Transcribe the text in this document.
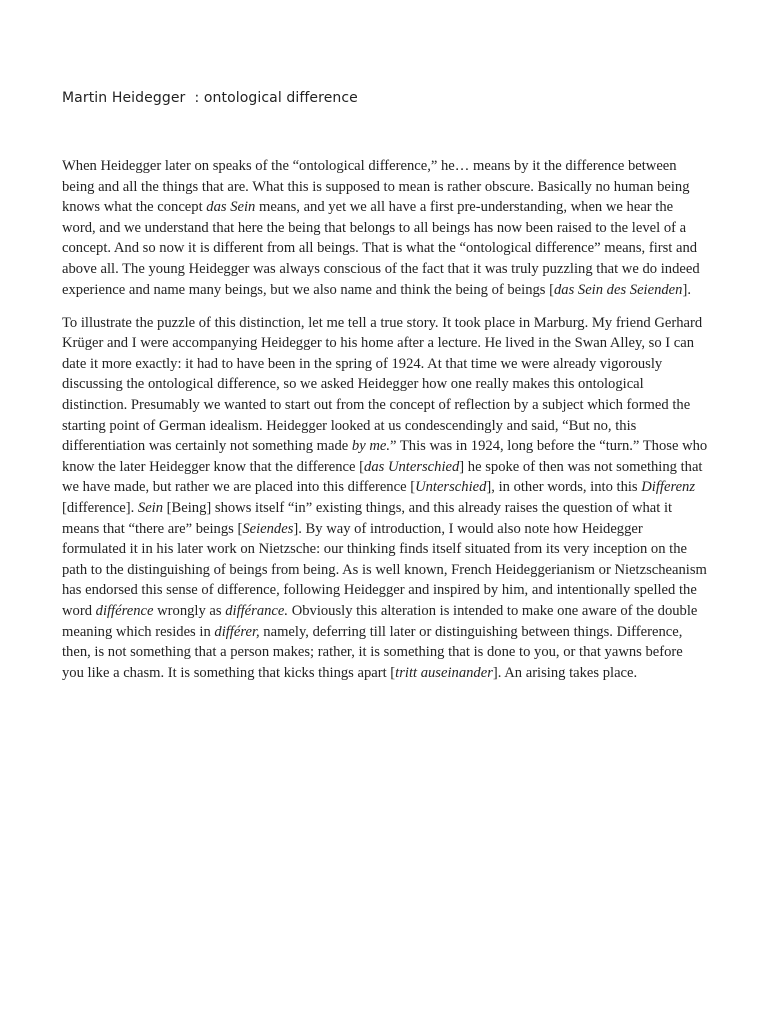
Martin Heidegger  : ontological difference

When Heidegger later on speaks of the “ontological difference,” he… means by it the difference between being and all the things that are. What this is supposed to mean is rather obscure. Basically no human being knows what the concept das Sein means, and yet we all have a first pre-understanding, when we hear the word, and we understand that here the being that belongs to all beings has now been raised to the level of a concept. And so now it is different from all beings. That is what the “ontological difference” means, first and above all. The young Heidegger was always conscious of the fact that it was truly puzzling that we do indeed experience and name many beings, but we also name and think the being of beings [das Sein des Seienden].

To illustrate the puzzle of this distinction, let me tell a true story. It took place in Marburg. My friend Gerhard Krüger and I were accompanying Heidegger to his home after a lecture. He lived in the Swan Alley, so I can date it more exactly: it had to have been in the spring of 1924. At that time we were already vigorously discussing the ontological difference, so we asked Heidegger how one really makes this ontological distinction. Presumably we wanted to start out from the concept of reflection by a subject which formed the starting point of German idealism. Heidegger looked at us condescendingly and said, “But no, this differentiation was certainly not something made by me.” This was in 1924, long before the “turn.” Those who know the later Heidegger know that the difference [das Unterschied] he spoke of then was not something that we have made, but rather we are placed into this difference [Unterschied], in other words, into this Differenz [difference]. Sein [Being] shows itself “in” existing things, and this already raises the question of what it means that “there are” beings [Seiendes]. By way of introduction, I would also note how Heidegger formulated it in his later work on Nietzsche: our thinking finds itself situated from its very inception on the path to the distinguishing of beings from being. As is well known, French Heideggerianism or Nietzscheanism has endorsed this sense of difference, following Heidegger and inspired by him, and intentionally spelled the word différence wrongly as différance. Obviously this alteration is intended to make one aware of the double meaning which resides in différer, namely, deferring till later or distinguishing between things. Difference, then, is not something that a person makes; rather, it is something that is done to you, or that yawns before you like a chasm. It is something that kicks things apart [tritt auseinander]. An arising takes place.
